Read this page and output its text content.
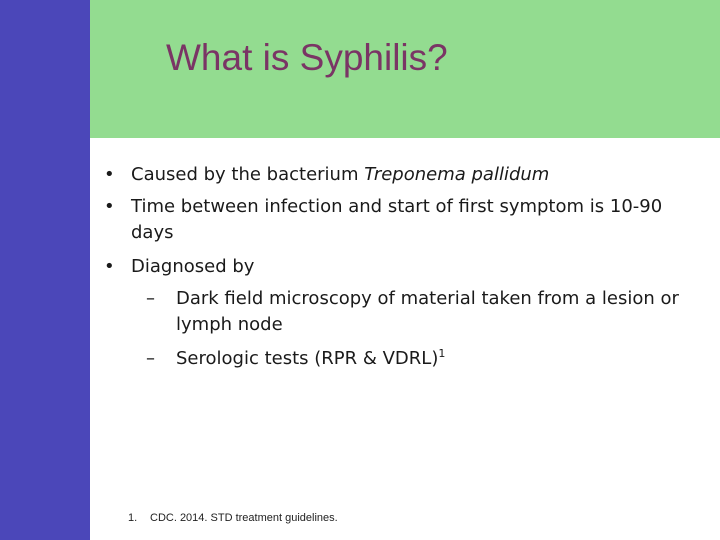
What is Syphilis?
• Caused by the bacterium Treponema pallidum
• Time between infection and start of first symptom is 10-90 days
• Diagnosed by
– Dark field microscopy of material taken from a lesion or lymph node
– Serologic tests (RPR & VDRL)$^1$
1. CDC. 2014. STD treatment guidelines.
